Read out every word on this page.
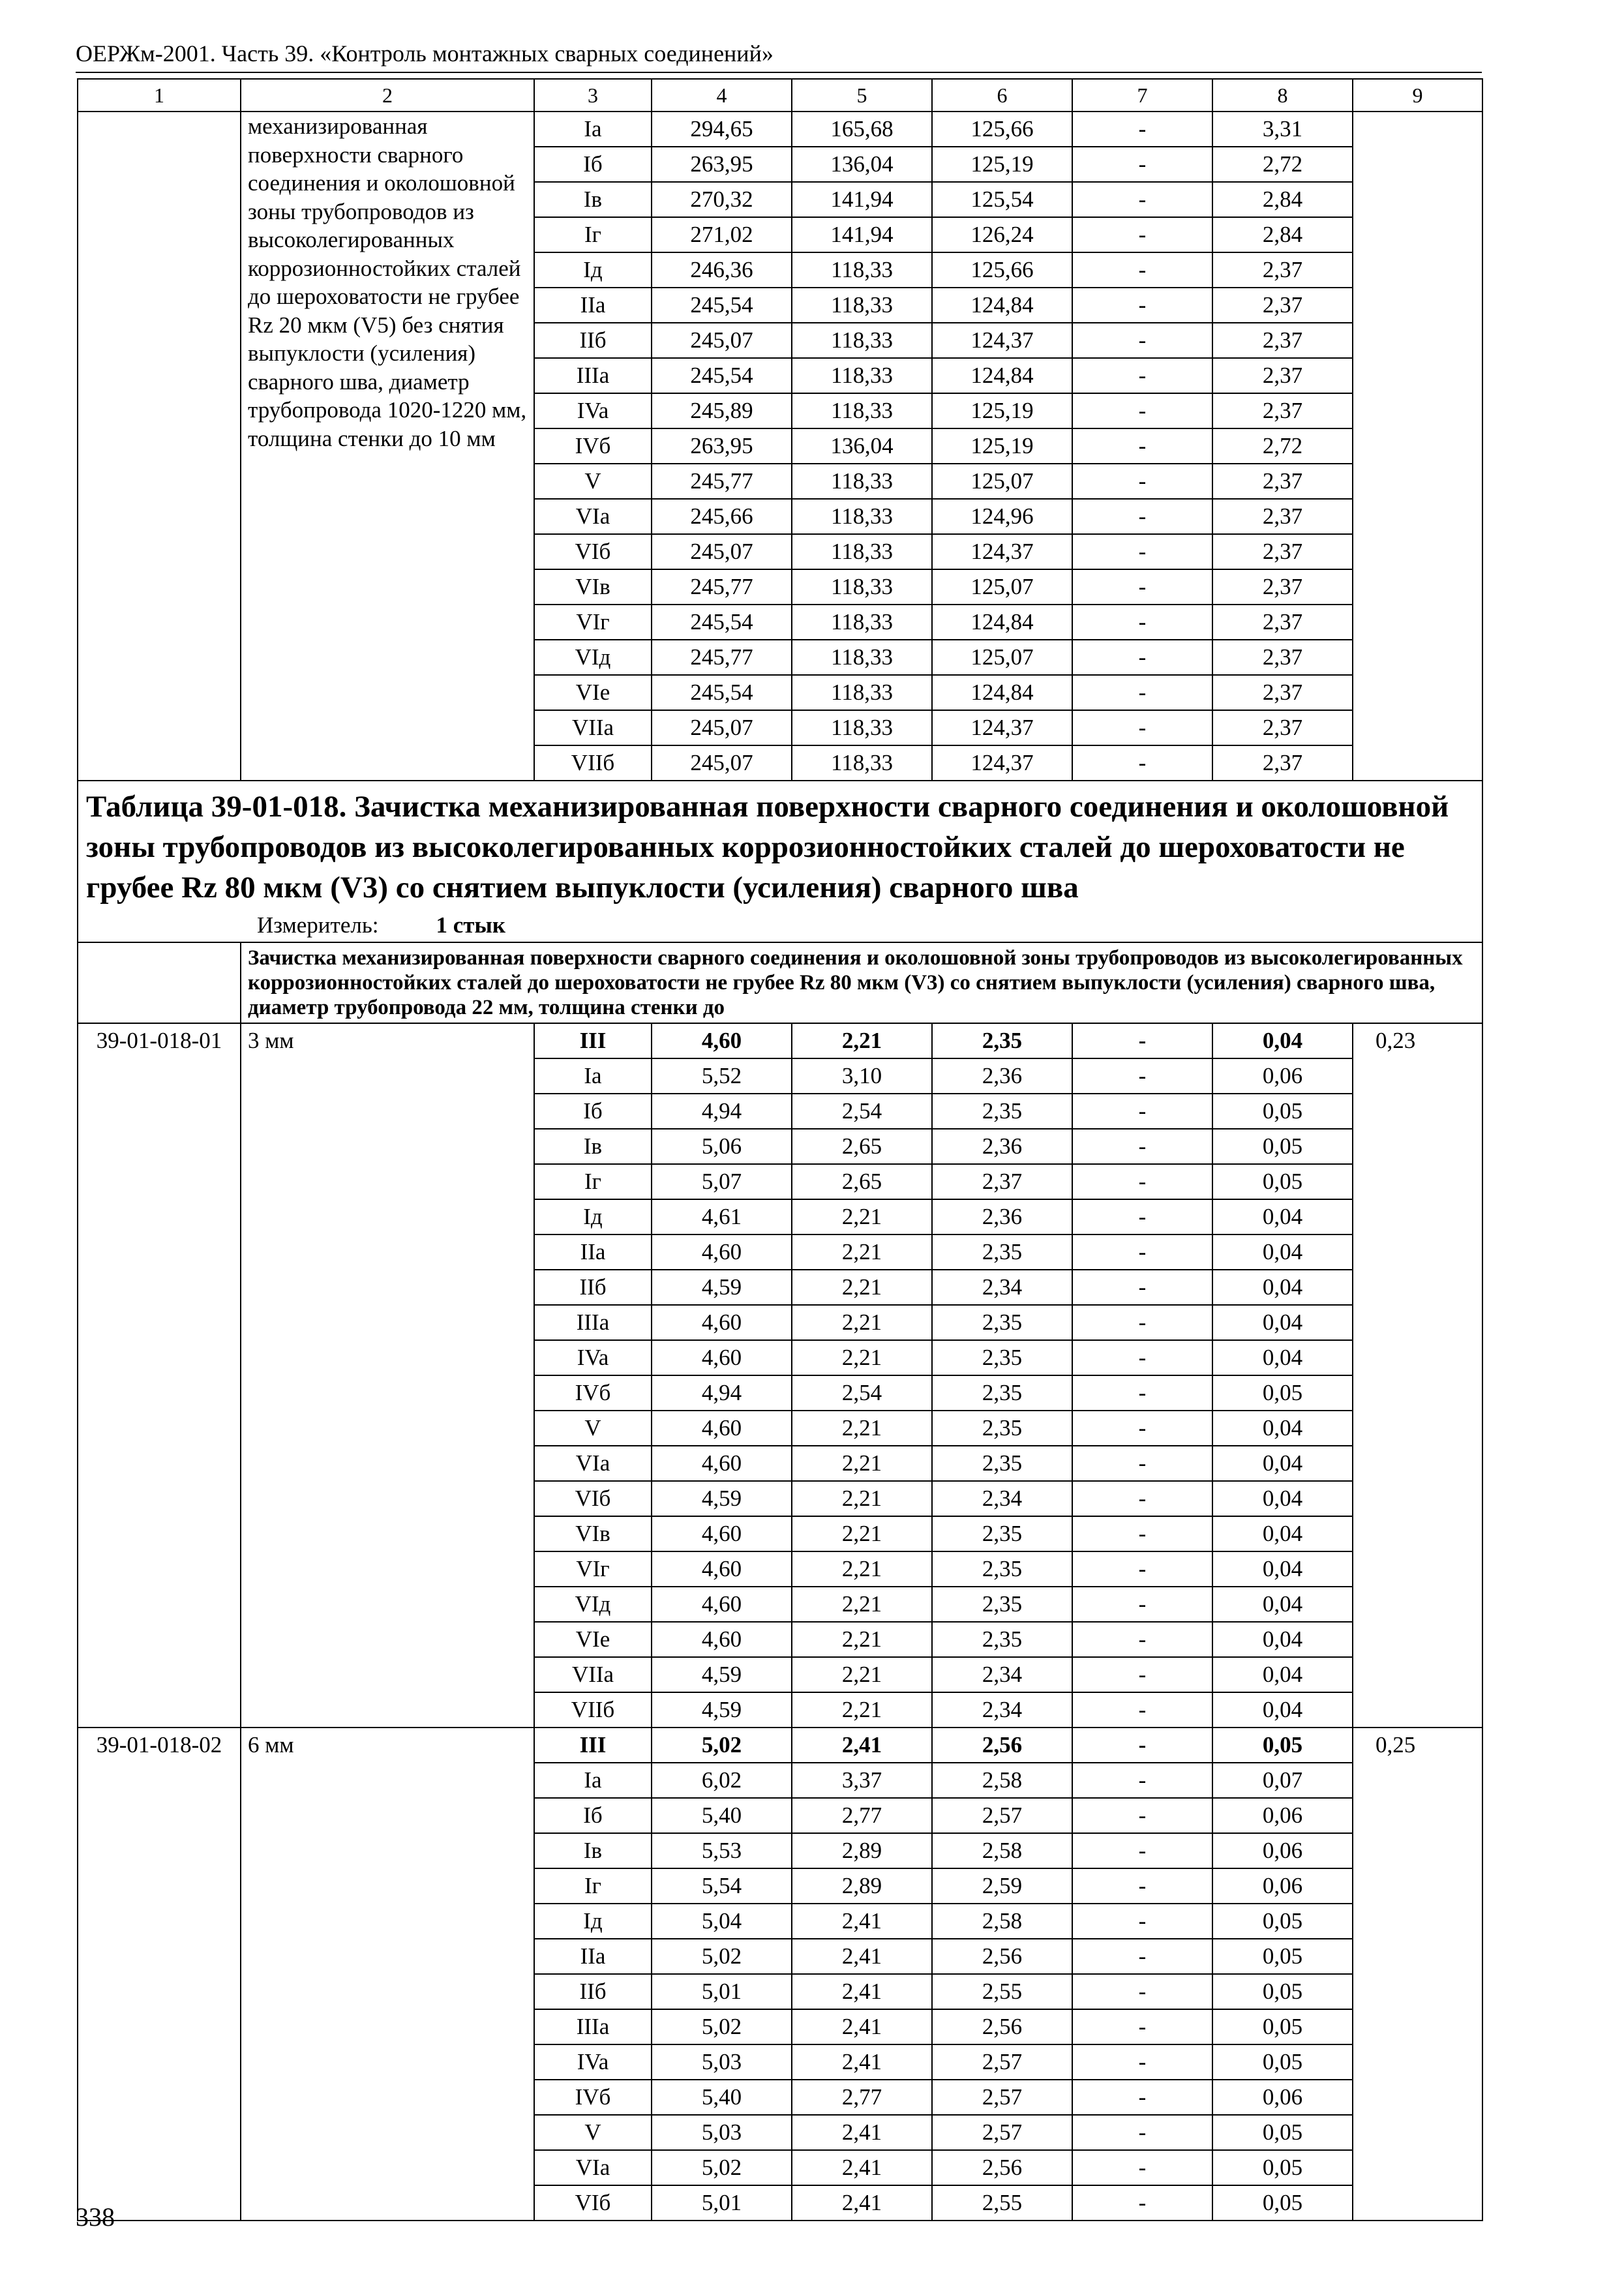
ОЕРЖм-2001. Часть 39. «Контроль монтажных сварных соединений»
1	2	3	4	5	6	7	8	9
	механизированная поверхности сварного соединения и околошовной зоны трубопроводов из высоколегированных коррозионностойких сталей до шероховатости не грубее Rz 20 мкм (V5) без снятия выпуклости (усиления) сварного шва, диаметр трубопровода 1020-1220 мм, толщина стенки до 10 мм	Ia	294,65	165,68	125,66	-	3,31	
		Iб	263,95	136,04	125,19	-	2,72	
		Iв	270,32	141,94	125,54	-	2,84	
		Iг	271,02	141,94	126,24	-	2,84	
		Iд	246,36	118,33	125,66	-	2,37	
		IIa	245,54	118,33	124,84	-	2,37	
		IIб	245,07	118,33	124,37	-	2,37	
		IIIa	245,54	118,33	124,84	-	2,37	
		IVa	245,89	118,33	125,19	-	2,37	
		IVб	263,95	136,04	125,19	-	2,72	
		V	245,77	118,33	125,07	-	2,37	
		VIa	245,66	118,33	124,96	-	2,37	
		VIб	245,07	118,33	124,37	-	2,37	
		VIв	245,77	118,33	125,07	-	2,37	
		VIг	245,54	118,33	124,84	-	2,37	
		VIд	245,77	118,33	125,07	-	2,37	
		VIe	245,54	118,33	124,84	-	2,37	
		VIIa	245,07	118,33	124,37	-	2,37	
		VIIб	245,07	118,33	124,37	-	2,37	

Таблица 39-01-018. Зачистка механизированная поверхности сварного соединения и околошовной зоны трубопроводов из высоколегированных коррозионностойких сталей до шероховатости не грубее Rz 80 мкм (V3) со снятием выпуклости (усиления) сварного шва
Измеритель: 1 стык								

	Зачистка механизированная поверхности сварного соединения и околошовной зоны трубопроводов из высоколегированных коррозионностойких сталей до шероховатости не грубее Rz 80 мкм (V3) со снятием выпуклости (усиления) сварного шва, диаметр трубопровода 22 мм, толщина стенки до							
39-01-018-01	3 мм	III	4,60	2,21	2,35	-	0,04	0,23
		Ia	5,52	3,10	2,36	-	0,06	
		Iб	4,94	2,54	2,35	-	0,05	
		Iв	5,06	2,65	2,36	-	0,05	
		Iг	5,07	2,65	2,37	-	0,05	
		Iд	4,61	2,21	2,36	-	0,04	
		IIa	4,60	2,21	2,35	-	0,04	
		IIб	4,59	2,21	2,34	-	0,04	
		IIIa	4,60	2,21	2,35	-	0,04	
		IVa	4,60	2,21	2,35	-	0,04	
		IVб	4,94	2,54	2,35	-	0,05	
		V	4,60	2,21	2,35	-	0,04	
		VIa	4,60	2,21	2,35	-	0,04	
		VIб	4,59	2,21	2,34	-	0,04	
		VIв	4,60	2,21	2,35	-	0,04	
		VIг	4,60	2,21	2,35	-	0,04	
		VIд	4,60	2,21	2,35	-	0,04	
		VIe	4,60	2,21	2,35	-	0,04	
		VIIa	4,59	2,21	2,34	-	0,04	
		VIIб	4,59	2,21	2,34	-	0,04	
39-01-018-02	6 мм	III	5,02	2,41	2,56	-	0,05	0,25
		Ia	6,02	3,37	2,58	-	0,07	
		Iб	5,40	2,77	2,57	-	0,06	
		Iв	5,53	2,89	2,58	-	0,06	
		Iг	5,54	2,89	2,59	-	0,06	
		Iд	5,04	2,41	2,58	-	0,05	
		IIa	5,02	2,41	2,56	-	0,05	
		IIб	5,01	2,41	2,55	-	0,05	
		IIIa	5,02	2,41	2,56	-	0,05	
		IVa	5,03	2,41	2,57	-	0,05	
		IVб	5,40	2,77	2,57	-	0,06	
		V	5,03	2,41	2,57	-	0,05	
		VIa	5,02	2,41	2,56	-	0,05	
		VIб	5,01	2,41	2,55	-	0,05	
338
